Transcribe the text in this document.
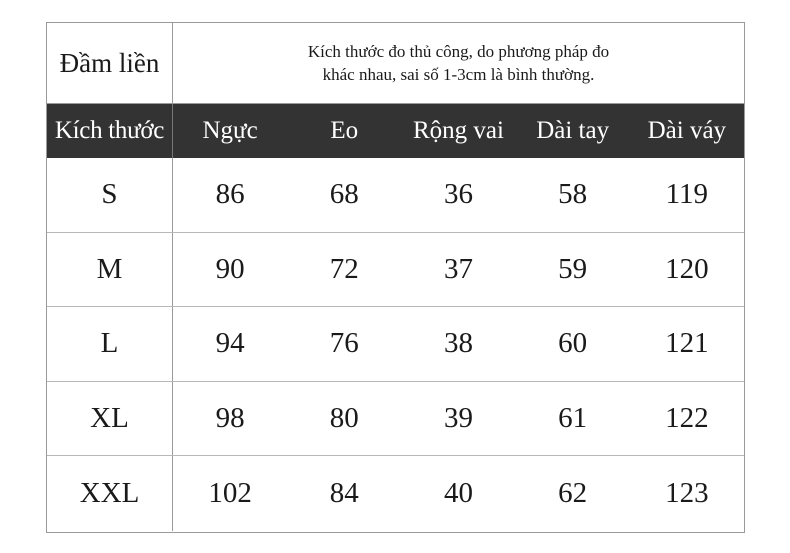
Đầm liền	Kích thước đo thủ công, do phương pháp đo
khác nhau, sai số 1-3cm là bình thường.
Kích thước	Ngực	Eo	Rộng vai	Dài tay	Dài váy
S	86	68	36	58	119
M	90	72	37	59	120
L	94	76	38	60	121
XL	98	80	39	61	122
XXL	102	84	40	62	123
